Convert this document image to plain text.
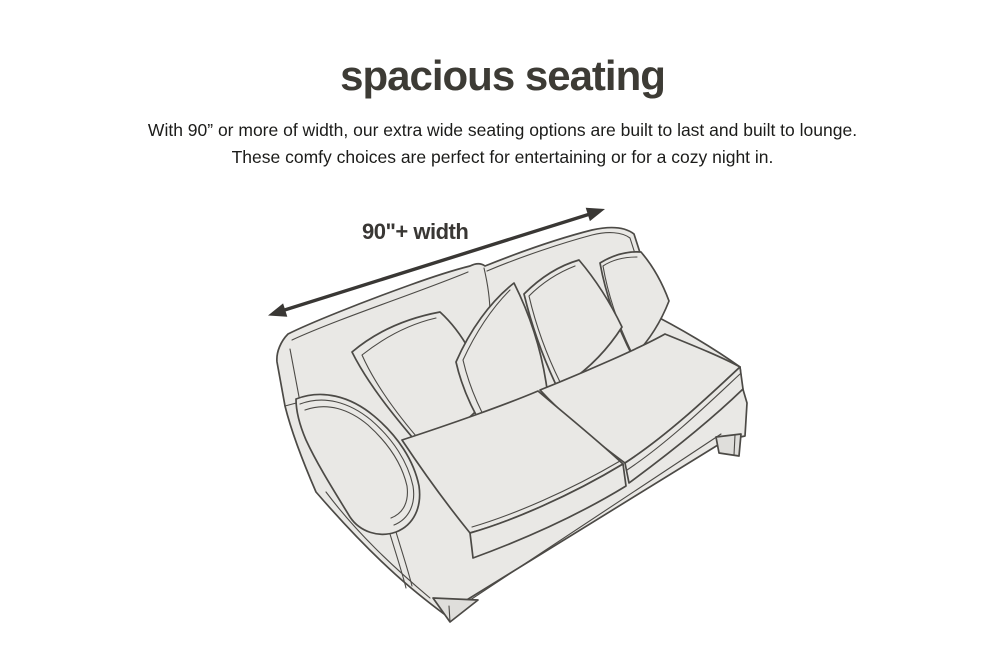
spacious seating

With 90” or more of width, our extra wide seating options are built to last and built to lounge.

These comfy choices are perfect for entertaining or for a cozy night in.

90"+ width
